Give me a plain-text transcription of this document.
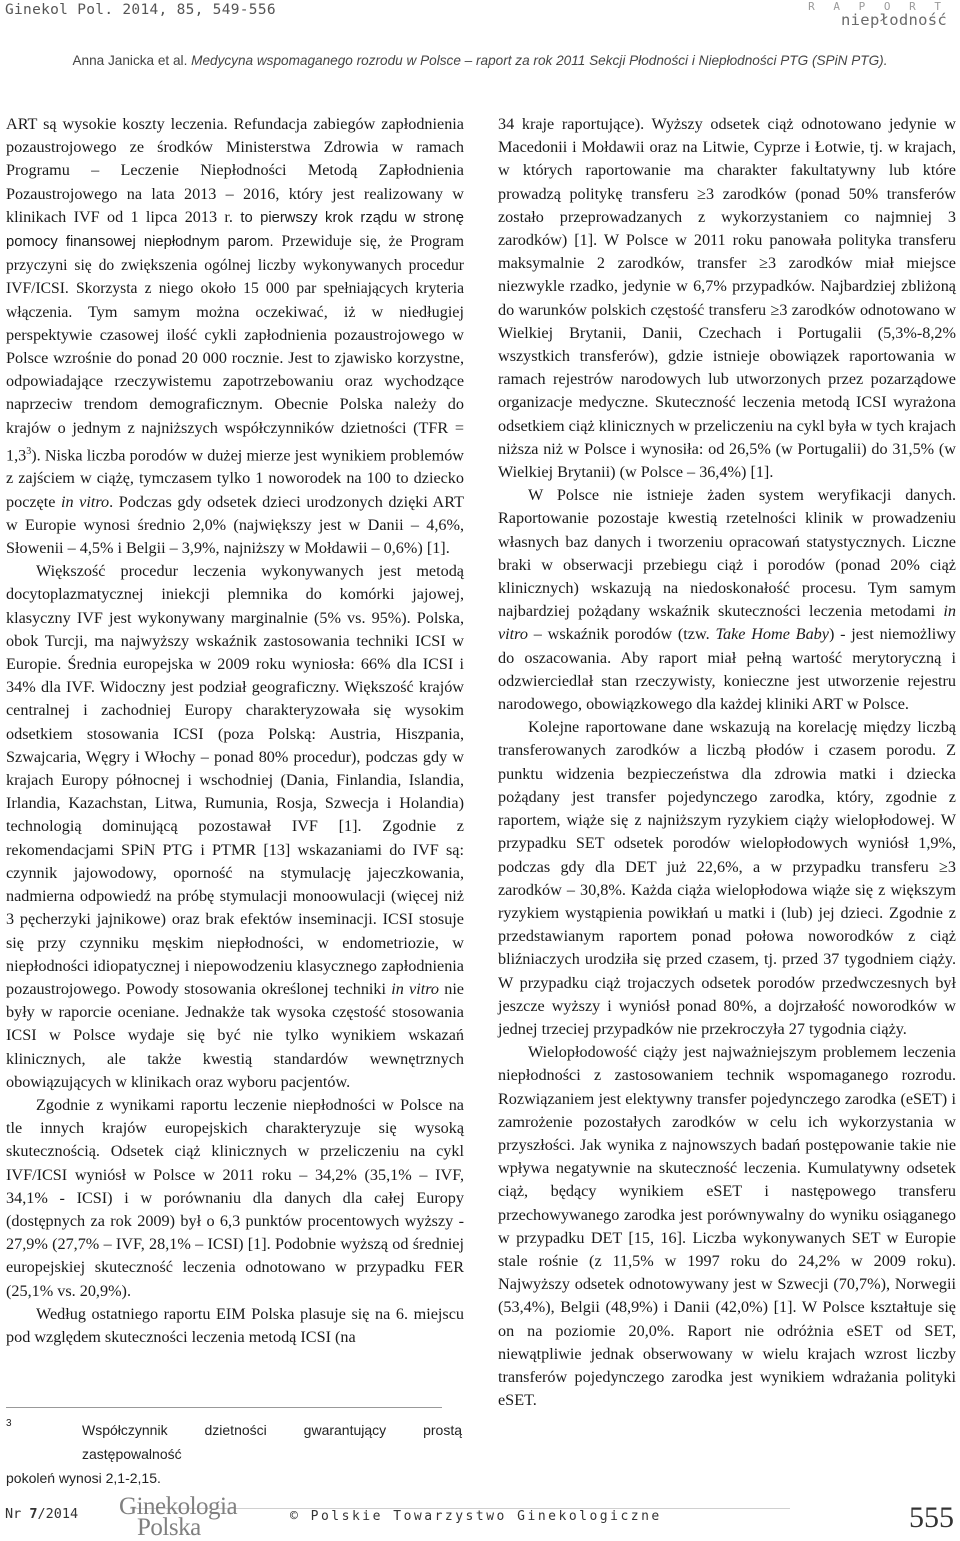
Ginekol Pol. 2014, 85, 549-556	R A P O R T
niepłodność
Anna Janicka et al. Medycyna wspomaganego rozrodu w Polsce – raport za rok 2011 Sekcji Płodności i Niepłodności PTG (SPiN PTG).

ART są wysokie koszty leczenia. Refundacja zabiegów zapłodnienia pozaustrojowego ze środków Ministerstwa Zdrowia w ramach Programu – Leczenie Niepłodności Metodą Zapłodnienia Pozaustrojowego na lata 2013 – 2016, który jest realizowany w klinikach IVF od 1 lipca 2013 r. to pierwszy krok rządu w stronę pomocy finansowej niepłodnym parom. Przewiduje się, że Program przyczyni się do zwiększenia ogólnej liczby wykonywanych procedur IVF/ICSI. Skorzysta z niego około 15 000 par spełniających kryteria włączenia. Tym samym można oczekiwać, iż w niedługiej perspektywie czasowej ilość cykli zapłodnienia pozaustrojowego w Polsce wzrośnie do ponad 20 000 rocznie. Jest to zjawisko korzystne, odpowiadające rzeczywistemu zapotrzebowaniu oraz wychodzące naprzeciw trendom demograficznym. Obecnie Polska należy do krajów o jednym z najniższych współczynników dzietności $(TFR = 1,3^3)$. Niska liczba porodów w dużej mierze jest wynikiem problemów z zajściem w ciążę, tymczasem tylko 1 noworodek na 100 to dziecko poczęte in vitro. Podczas gdy odsetek dzieci urodzonych dzięki ART w Europie wynosi średnio 2,0% (największy jest w Danii – 4,6%, Słowenii – 4,5% i Belgii – 3,9%, najniższy w Mołdawii – 0,6%) [1].

Większość procedur leczenia wykonywanych jest metodą docytoplazmatycznej iniekcji plemnika do komórki jajowej, klasyczny IVF jest wykonywany marginalnie (5% vs. 95%). Polska, obok Turcji, ma najwyższy wskaźnik zastosowania techniki ICSI w Europie. Średnia europejska w 2009 roku wyniosła: 66% dla ICSI i 34% dla IVF. Widoczny jest podział geograficzny. Większość krajów centralnej i zachodniej Europy charakteryzowała się wysokim odsetkiem stosowania ICSI (poza Polską: Austria, Hiszpania, Szwajcaria, Węgry i Włochy – ponad 80% procedur), podczas gdy w krajach Europy północnej i wschodniej (Dania, Finlandia, Islandia, Irlandia, Kazachstan, Litwa, Rumunia, Rosja, Szwecja i Holandia) technologią dominującą pozostawał IVF [1]. Zgodnie z rekomendacjami SPiN PTG i PTMR [13] wskazaniami do IVF są: czynnik jajowodowy, oporność na stymulację jajeczkowania, nadmierna odpowiedź na próbę stymulacji monoowulacji (więcej niż 3 pęcherzyki jajnikowe) oraz brak efektów inseminacji. ICSI stosuje się przy czynniku męskim niepłodności, w endometriozie, w niepłodności idiopatycznej i niepowodzeniu klasycznego zapłodnienia pozaustrojowego. Powody stosowania określonej techniki in vitro nie były w raporcie oceniane. Jednakże tak wysoka częstość stosowania ICSI w Polsce wydaje się być nie tylko wynikiem wskazań klinicznych, ale także kwestią standardów wewnętrznych obowiązujących w klinikach oraz wyboru pacjentów.

Zgodnie z wynikami raportu leczenie niepłodności w Polsce na tle innych krajów europejskich charakteryzuje się wysoką skutecznością. Odsetek ciąż klinicznych w przeliczeniu na cykl IVF/ICSI wyniósł w Polsce w 2011 roku – 34,2% (35,1% – IVF, 34,1% - ICSI) i w porównaniu dla danych dla całej Europy (dostępnych za rok 2009) był o 6,3 punktów procentowych wyższy - 27,9% (27,7% – IVF, 28,1% – ICSI) [1]. Podobnie wyższą od średniej europejskiej skuteczność leczenia odnotowano w przypadku FER (25,1% vs. 20,9%).

Według ostatniego raportu EIM Polska plasuje się na 6. miejscu pod względem skuteczności leczenia metodą ICSI (na

34 kraje raportujące). Wyższy odsetek ciąż odnotowano jedynie w Macedonii i Mołdawii oraz na Litwie, Cyprze i Łotwie, tj. w krajach, w których raportowanie ma charakter fakultatywny lub które prowadzą politykę transferu ≥3 zarodków (ponad 50% transferów zostało przeprowadzanych z wykorzystaniem co najmniej 3 zarodków) [1]. W Polsce w 2011 roku panowała polityka transferu maksymalnie 2 zarodków, transfer ≥3 zarodków miał miejsce niezwykle rzadko, jedynie w 6,7% przypadków. Najbardziej zbliżoną do warunków polskich częstość transferu ≥3 zarodków odnotowano w Wielkiej Brytanii, Danii, Czechach i Portugalii (5,3%-8,2% wszystkich transferów), gdzie istnieje obowiązek raportowania w ramach rejestrów narodowych lub utworzonych przez pozarządowe organizacje medyczne. Skuteczność leczenia metodą ICSI wyrażona odsetkiem ciąż klinicznych w przeliczeniu na cykl była w tych krajach niższa niż w Polsce i wynosiła: od 26,5% (w Portugalii) do 31,5% (w Wielkiej Brytanii) (w Polsce – 36,4%) [1].

W Polsce nie istnieje żaden system weryfikacji danych. Raportowanie pozostaje kwestią rzetelności klinik w prowadzeniu własnych baz danych i tworzeniu opracowań statystycznych. Liczne braki w obserwacji przebiegu ciąż i porodów (ponad 20% ciąż klinicznych) wskazują na niedoskonałość procesu. Tym samym najbardziej pożądany wskaźnik skuteczności leczenia metodami in vitro – wskaźnik porodów (tzw. Take Home Baby) - jest niemożliwy do oszacowania. Aby raport miał pełną wartość merytoryczną i odzwierciedlał stan rzeczywisty, konieczne jest utworzenie rejestru narodowego, obowiązkowego dla każdej kliniki ART w Polsce.

Kolejne raportowane dane wskazują na korelację między liczbą transferowanych zarodków a liczbą płodów i czasem porodu. Z punktu widzenia bezpieczeństwa dla zdrowia matki i dziecka pożądany jest transfer pojedynczego zarodka, który, zgodnie z raportem, wiąże się z najniższym ryzykiem ciąży wielopłodowej. W przypadku SET odsetek porodów wielopłodowych wyniósł 1,9%, podczas gdy dla DET już 22,6%, a w przypadku transferu ≥3 zarodków – 30,8%. Każda ciąża wielopłodowa wiąże się z większym ryzykiem wystąpienia powikłań u matki i (lub) jej dzieci. Zgodnie z przedstawianym raportem ponad połowa noworodków z ciąż bliźniaczych urodziła się przed czasem, tj. przed 37 tygodniem ciąży. W przypadku ciąż trojaczych odsetek porodów przedwczesnych był jeszcze wyższy i wyniósł ponad 80%, a dojrzałość noworodków w jednej trzeciej przypadków nie przekroczyła 27 tygodnia ciąży.

Wielopłodowość ciąży jest najważniejszym problemem leczenia niepłodności z zastosowaniem technik wspomaganego rozrodu. Rozwiązaniem jest elektywny transfer pojedynczego zarodka (eSET) i zamrożenie pozostałych zarodków w celu ich wykorzystania w przyszłości. Jak wynika z najnowszych badań postępowanie takie nie wpływa negatywnie na skuteczność leczenia. Kumulatywny odsetek ciąż, będący wynikiem eSET i następowego transferu przechowywanego zarodka jest porównywalny do wyniku osiąganego w przypadku DET [15, 16]. Liczba wykonywanych SET w Europie stale rośnie (z 11,5% w 1997 roku do 24,2% w 2009 roku). Najwyższy odsetek odnotowywany jest w Szwecji (70,7%), Norwegii (53,4%), Belgii (48,9%) i Danii (42,0%) [1]. W Polsce kształtuje się on na poziomie 20,0%. Raport nie odróżnia eSET od SET, niewątpliwie jednak obserwowany w wielu krajach wzrost liczby transferów pojedynczego zarodka jest wynikiem wdrażania polityki eSET.

3	Współczynnik dzietności gwarantujący prostą zastępowalność
pokoleń wynosi 2,1-2,15.
Nr 7/2014 Ginekologia
Polska	© Polskie Towarzystwo Ginekologiczne	555
